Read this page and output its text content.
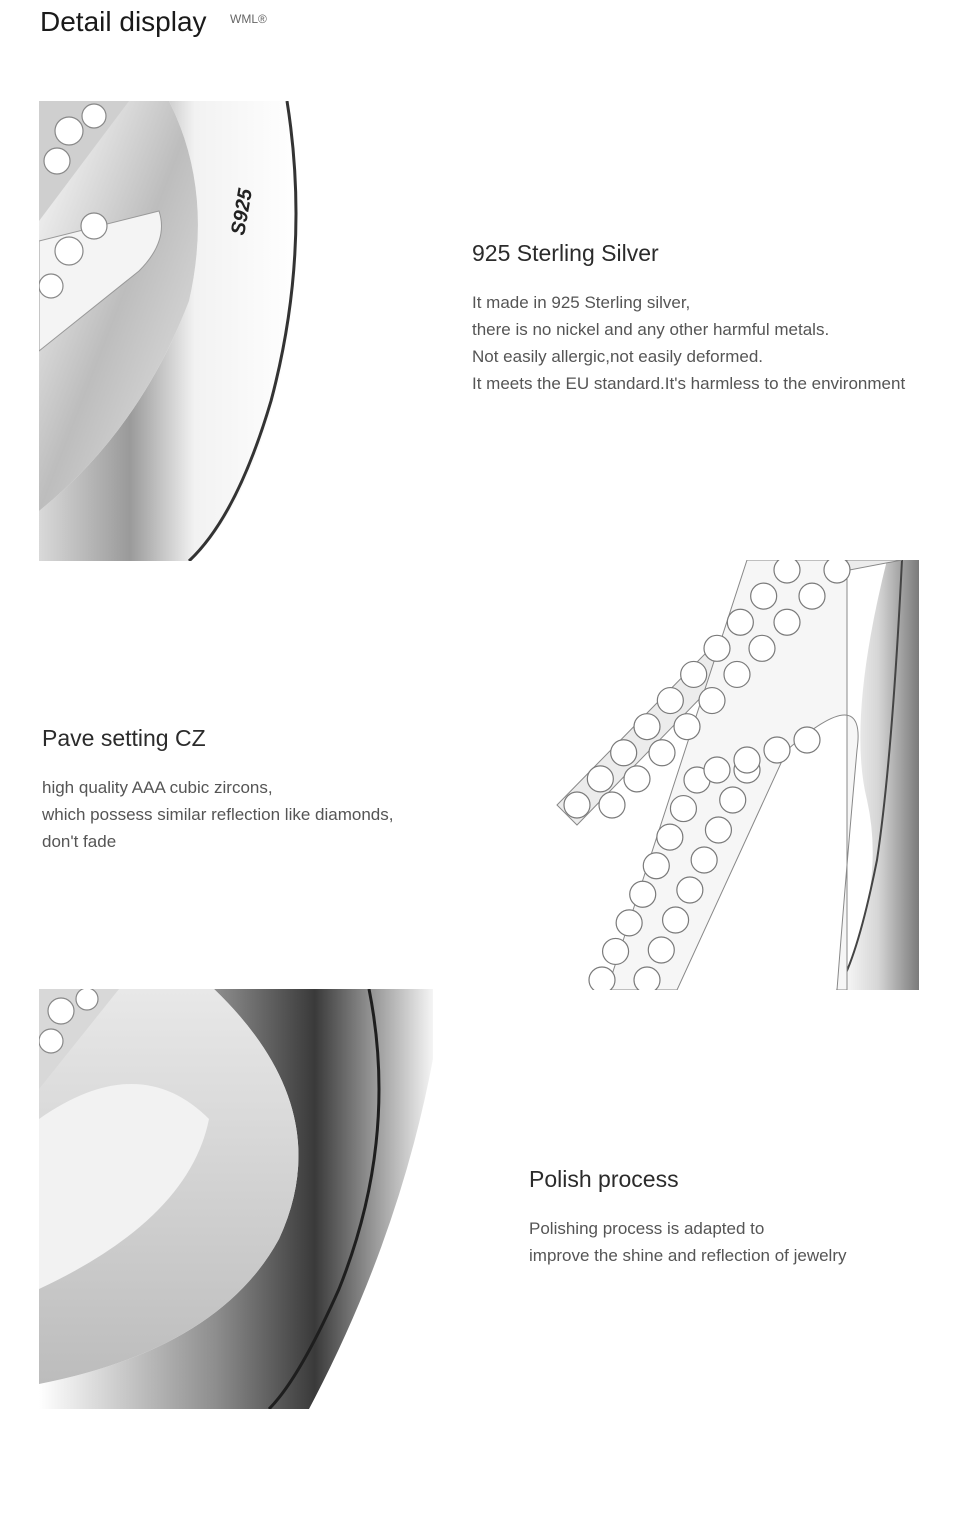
Detail display WML®
S925
925 Sterling Silver
It made in 925 Sterling silver,
there is no nickel and any other harmful metals.
Not easily allergic,not easily deformed.
It meets the EU standard.It's harmless to the environment
Pave setting CZ
high quality AAA cubic zircons,
which possess similar reflection like diamonds,
don't fade
Polish process
Polishing process is adapted to
improve the shine and reflection of jewelry
